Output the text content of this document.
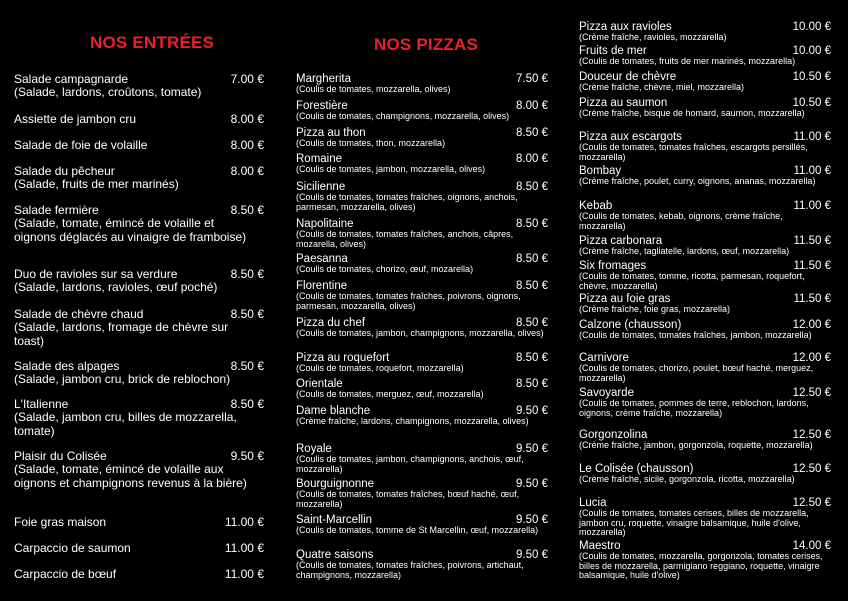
NOS ENTRÉES
Salade campagnarde	7.00 €
(Salade, lardons, croûtons, tomate)
Assiette de jambon cru	8.00 €
Salade de foie de volaille	8.00 €
Salade du pêcheur	8.00 €
(Salade, fruits de mer marinés)
Salade fermière	8.50 €
(Salade, tomate, émincé de volaille et oignons déglacés au vinaigre de framboise)
Duo de ravioles sur sa verdure	8.50 €
(Salade, lardons, ravioles, œuf poché)
Salade de chèvre chaud	8.50 €
(Salade, lardons, fromage de chèvre sur toast)
Salade des alpages	8.50 €
(Salade, jambon cru, brick de reblochon)
L'Italienne	8.50 €
(Salade, jambon cru, billes de mozzarella, tomate)
Plaisir du Colisée	9.50 €
(Salade, tomate, émincé de volaille aux oignons et champignons revenus à la bière)
Foie gras maison	11.00 €
Carpaccio de saumon	11.00 €
Carpaccio de bœuf	11.00 €
NOS PIZZAS
Margherita	7.50 €
(Coulis de tomates, mozzarella, olives)
Forestière	8.00 €
(Coulis de tomates, champignons, mozzarella, olives)
Pizza au thon	8.50 €
(Coulis de tomates, thon, mozzarella)
Romaine	8.00 €
(Coulis de tomates, jambon, mozzarella, olives)
Sicilienne	8.50 €
(Coulis de tomates, tomates fraîches, oignons, anchois, parmesan, mozzarella, olives)
Napolitaine	8.50 €
(Coulis de tomates, tomates fraîches, anchois, câpres, mozarella, olives)
Paesanna	8.50 €
(Coulis de tomates, chorizo, œuf, mozarella)
Florentine	8.50 €
(Coulis de tomates, tomates fraîches, poivrons, oignons, parmesan, mozzarella, olives)
Pizza du chef	8.50 €
(Coulis de tomates, jambon, champignons, mozzarella, olives)
Pizza au roquefort	8.50 €
(Coulis de tomates, roquefort, mozzarella)
Orientale	8.50 €
(Coulis de tomates, merguez, œuf, mozzarella)
Dame blanche	9.50 €
(Crème fraîche, lardons, champignons, mozzarella, olives)
Royale	9.50 €
(Coulis de tomates, jambon, champignons, anchois, œuf, mozzarella)
Bourguignonne	9.50 €
(Coulis de tomates, tomates fraîches, bœuf haché, œuf, mozzarella)
Saint-Marcellin	9.50 €
(Coulis de tomates, tomme de St Marcellin, œuf, mozzarella)
Quatre saisons	9.50 €
(Coulis de tomates, tomates fraîches, poivrons, artichaut, champignons, mozzarella)
Pizza aux ravioles	10.00 €
(Crème fraîche, ravioles, mozzarella)
Fruits de mer	10.00 €
(Coulis de tomates, fruits de mer marinés, mozzarella)
Douceur de chèvre	10.50 €
(Crème fraîche, chèvre, miel, mozzarella)
Pizza au saumon	10.50 €
(Crème fraîche, bisque de homard, saumon, mozzarella)
Pizza aux escargots	11.00 €
(Coulis de tomates, tomates fraîches, escargots persillés, mozzarella)
Bombay	11.00 €
(Crème fraîche, poulet, curry, oignons, ananas, mozzarella)
Kebab	11.00 €
(Coulis de tomates, kebab, oignons, crème fraîche, mozzarella)
Pizza carbonara	11.50 €
(Crème fraîche, tagliatelle, lardons, œuf, mozzarella)
Six fromages	11.50 €
(Coulis de tomates, tomme, ricotta, parmesan, roquefort, chèvre, mozzarella)
Pizza au foie gras	11.50 €
(Crème fraîche, foie gras, mozzarella)
Calzone (chausson)	12.00 €
(Coulis de tomates, tomates fraîches, jambon, mozzarella)
Carnivore	12.00 €
(Coulis de tomates, chorizo, poulet, bœuf haché, merguez, mozzarella)
Savoyarde	12.50 €
(Coulis de tomates, pommes de terre, reblochon, lardons, oignons, crème fraîche, mozzarella)
Gorgonzolina	12.50 €
(Crème fraîche, jambon, gorgonzola, roquette, mozzarella)
Le Colisée (chausson)	12.50 €
(Crème fraîche, sicile, gorgonzola, ricotta, mozzarella)
Lucia	12.50 €
(Coulis de tomates, tomates cerises, billes de mozzarella, jambon cru, roquette, vinaigre balsamique, huile d'olive, mozzarella)
Maestro	14.00 €
(Coulis de tomates, mozzarella, gorgonzola, tomates cerises, billes de mozzarella, parmigiano reggiano, roquette, vinaigre balsamique, huile d'olive)
